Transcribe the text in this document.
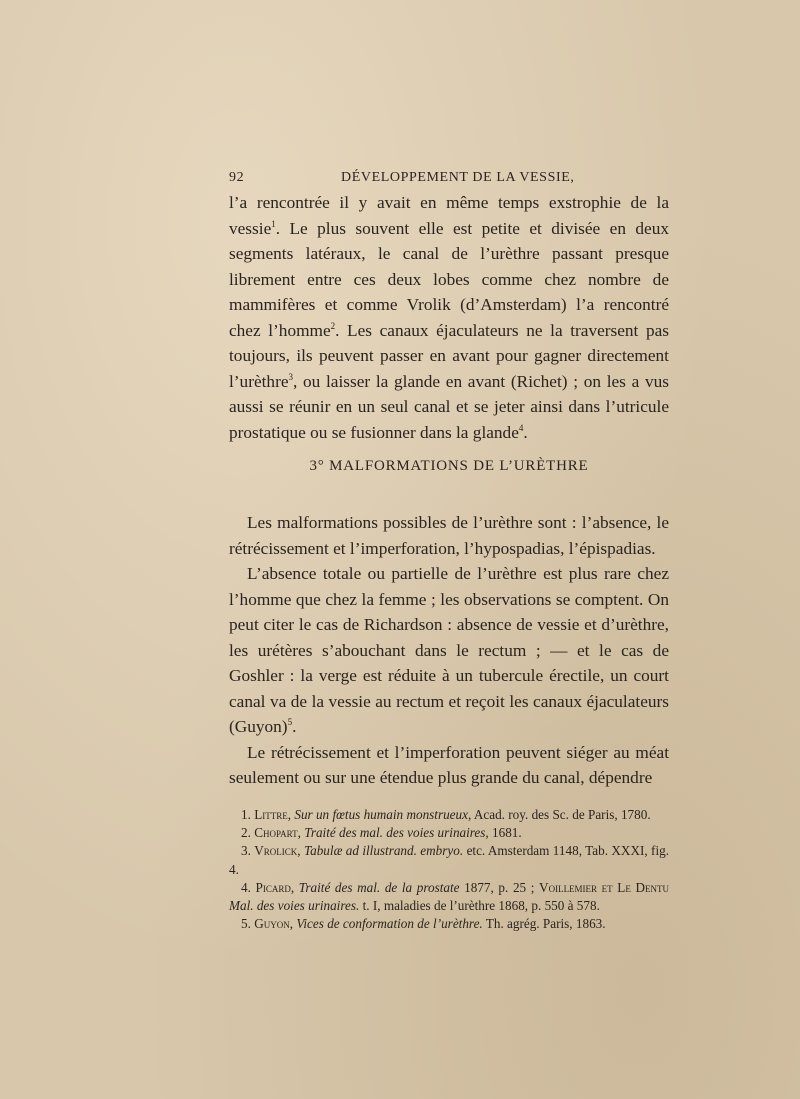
92	DÉVELOPPEMENT DE LA VESSIE,

l’a rencontrée il y avait en même temps exstrophie de la vessie$^1$. Le plus souvent elle est petite et divisée en deux segments latéraux, le canal de l’urèthre passant presque librement entre ces deux lobes comme chez nombre de mammifères et comme Vrolik (d’Amsterdam) l’a rencontré chez l’homme$^2$. Les canaux éjaculateurs ne la traversent pas toujours, ils peuvent passer en avant pour gagner directement l’urèthre$^3$, ou laisser la glande en avant (Richet) ; on les a vus aussi se réunir en un seul canal et se jeter ainsi dans l’utricule prostatique ou se fusionner dans la glande$^4$.

3° MALFORMATIONS DE L’URÈTHRE

Les malformations possibles de l’urèthre sont : l’absence, le rétrécissement et l’imperforation, l’hypospadias, l’épispadias.

L’absence totale ou partielle de l’urèthre est plus rare chez l’homme que chez la femme ; les observations se comptent. On peut citer le cas de Richardson : absence de vessie et d’urèthre, les urétères s’abouchant dans le rectum ; — et le cas de Goshler : la verge est réduite à un tubercule érectile, un court canal va de la vessie au rectum et reçoit les canaux éjaculateurs (Guyon)$^5$.

Le rétrécissement et l’imperforation peuvent siéger au méat seulement ou sur une étendue plus grande du canal, dépendre

1. Littre, Sur un fœtus humain monstrueux, Acad. roy. des Sc. de Paris, 1780.

2. Chopart, Traité des mal. des voies urinaires, 1681.

3. Vrolick, Tabulæ ad illustrand. embryo. etc. Amsterdam 1148, Tab. XXXI, fig. 4.

4. Picard, Traité des mal. de la prostate 1877, p. 25 ; Voillemier et Le Dentu Mal. des voies urinaires. t. I, maladies de l’urèthre 1868, p. 550 à 578.

5. Guyon, Vices de conformation de l’urèthre. Th. agrég. Paris, 1863.
